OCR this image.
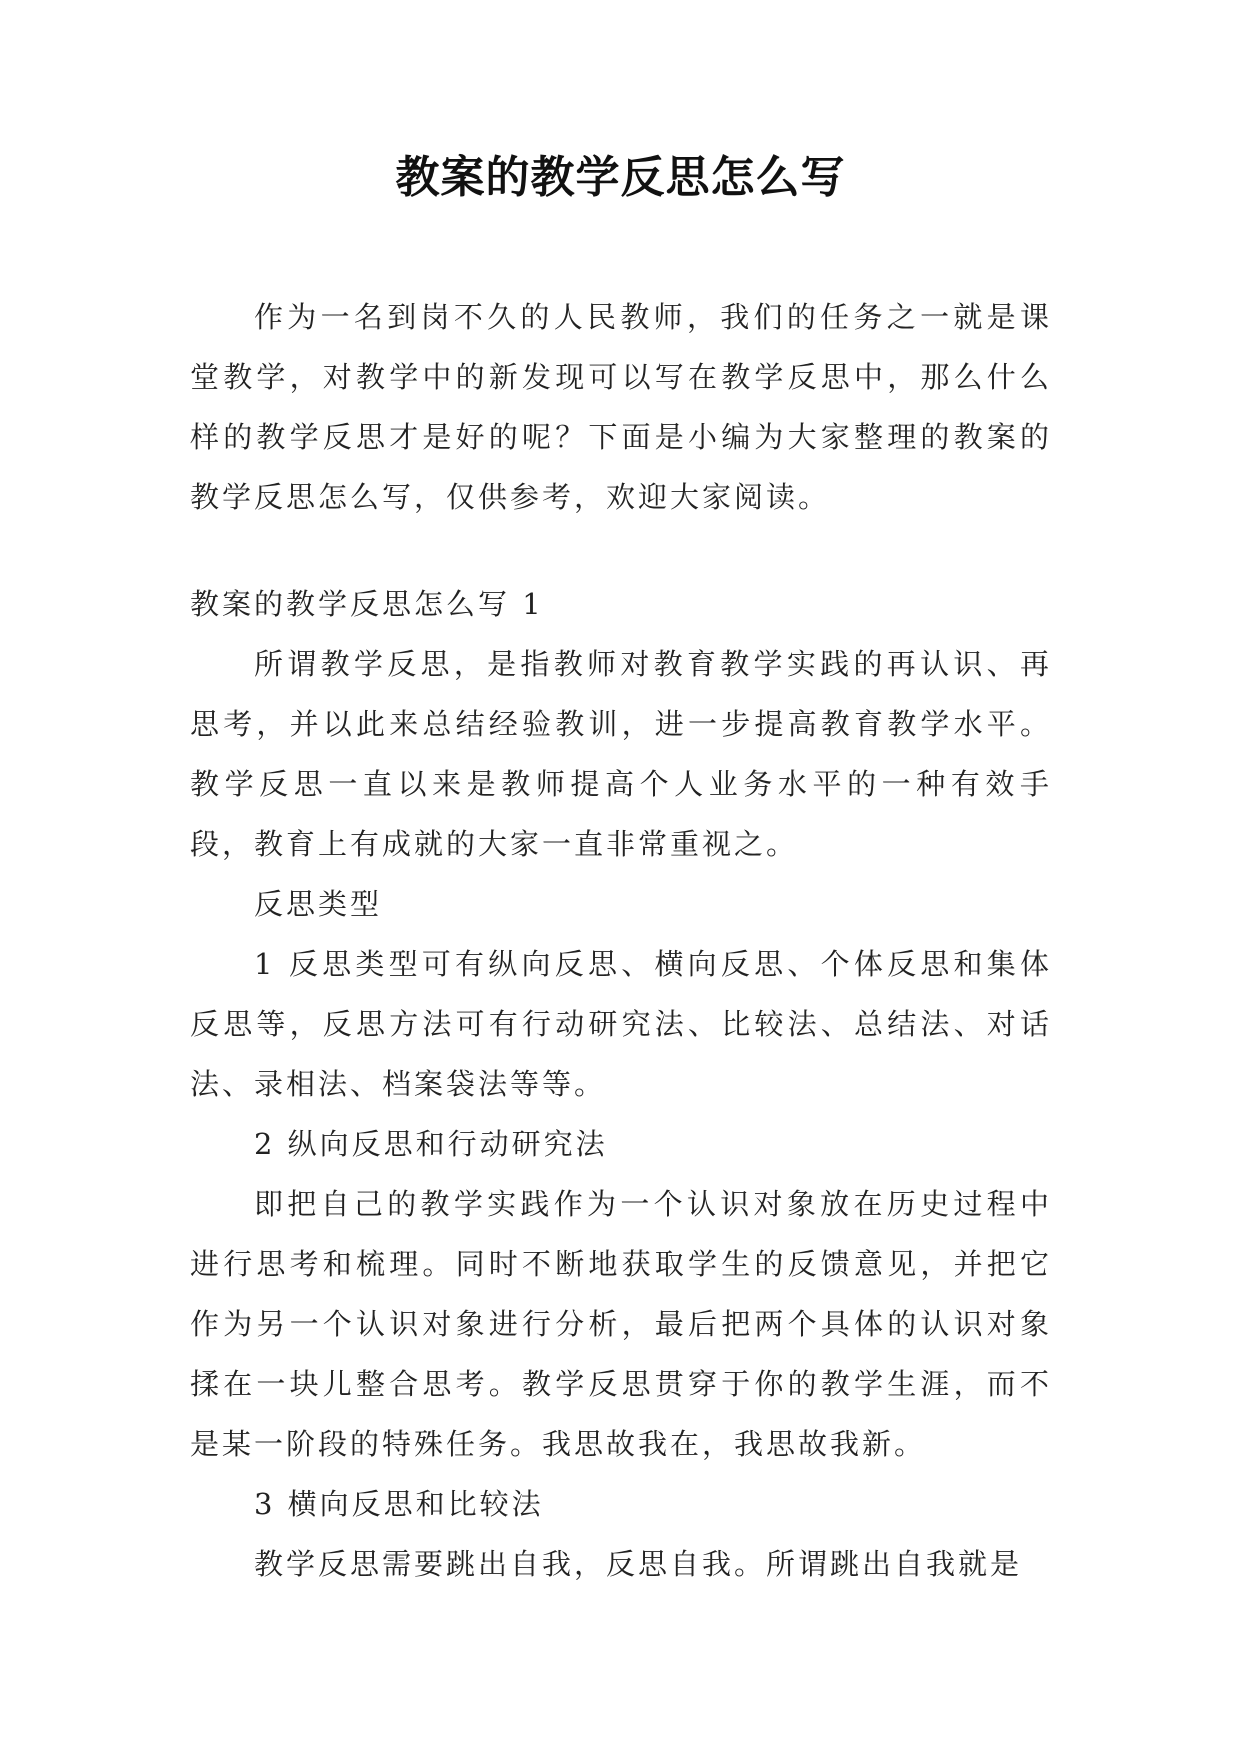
教案的教学反思怎么写

作为一名到岗不久的人民教师，我们的任务之一就是课堂教学，对教学中的新发现可以写在教学反思中，那么什么样的教学反思才是好的呢？下面是小编为大家整理的教案的教学反思怎么写，仅供参考，欢迎大家阅读。

教案的教学反思怎么写 1

所谓教学反思，是指教师对教育教学实践的再认识、再思考，并以此来总结经验教训，进一步提高教育教学水平。教学反思一直以来是教师提高个人业务水平的一种有效手段，教育上有成就的大家一直非常重视之。

反思类型

1 反思类型可有纵向反思、横向反思、个体反思和集体反思等，反思方法可有行动研究法、比较法、总结法、对话法、录相法、档案袋法等等。

2 纵向反思和行动研究法

即把自己的教学实践作为一个认识对象放在历史过程中进行思考和梳理。同时不断地获取学生的反馈意见，并把它作为另一个认识对象进行分析，最后把两个具体的认识对象揉在一块儿整合思考。教学反思贯穿于你的教学生涯，而不是某一阶段的特殊任务。我思故我在，我思故我新。

3 横向反思和比较法

教学反思需要跳出自我，反思自我。所谓跳出自我就是
